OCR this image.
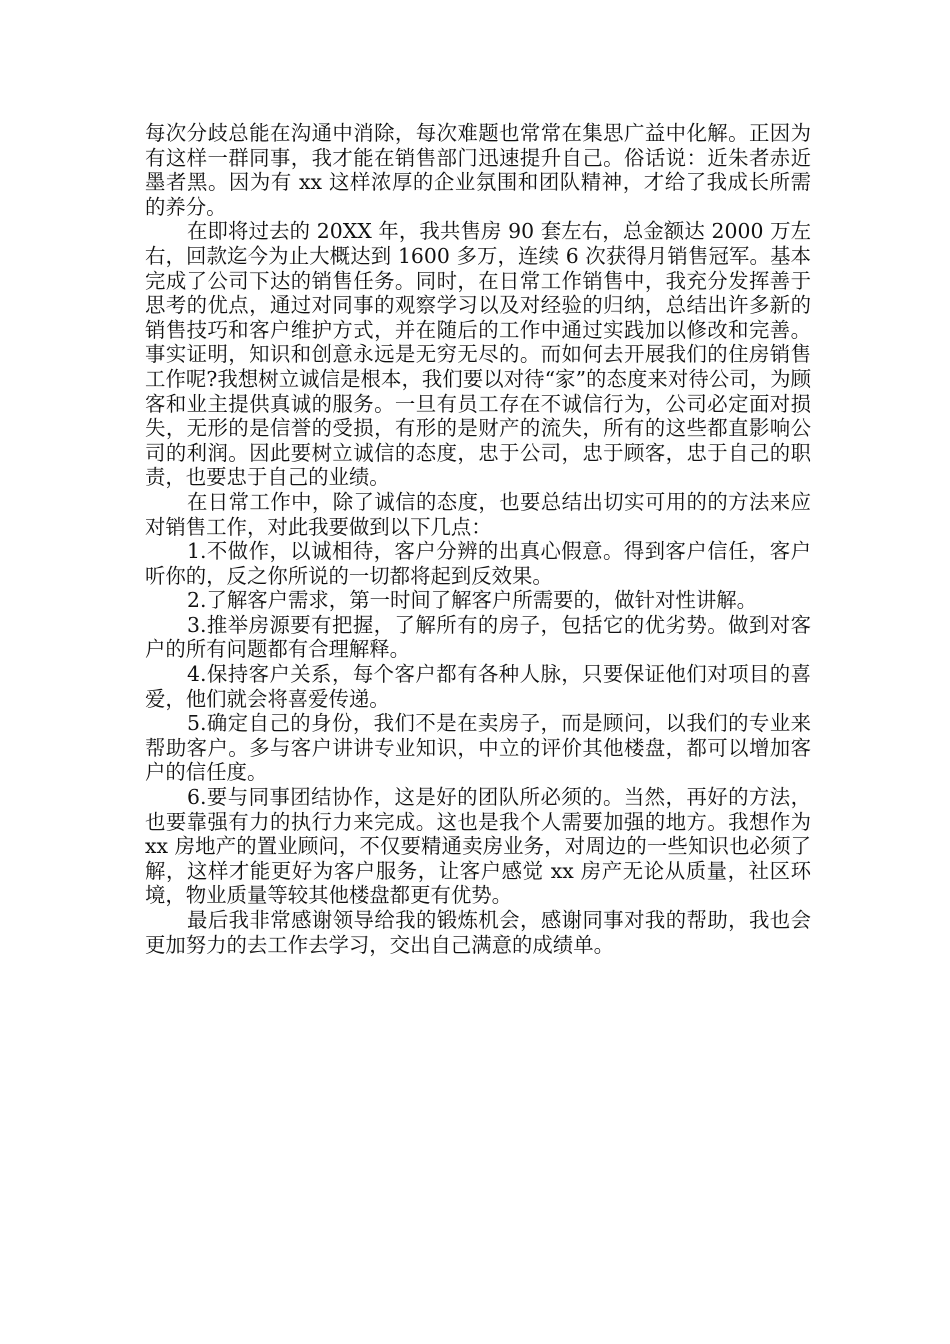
每次分歧总能在沟通中消除，每次难题也常常在集思广益中化解。正因为有这样一群同事，我才能在销售部门迅速提升自己。俗话说：近朱者赤近墨者黑。因为有 xx 这样浓厚的企业氛围和团队精神，才给了我成长所需的养分。

在即将过去的 20XX 年，我共售房 90 套左右，总金额达 2000 万左右，回款迄今为止大概达到 1600 多万，连续 6 次获得月销售冠军。基本完成了公司下达的销售任务。同时，在日常工作销售中，我充分发挥善于思考的优点，通过对同事的观察学习以及对经验的归纳，总结出许多新的销售技巧和客户维护方式，并在随后的工作中通过实践加以修改和完善。事实证明，知识和创意永远是无穷无尽的。而如何去开展我们的住房销售工作呢?我想树立诚信是根本，我们要以对待“家”的态度来对待公司，为顾客和业主提供真诚的服务。一旦有员工存在不诚信行为，公司必定面对损失，无形的是信誉的受损，有形的是财产的流失，所有的这些都直影响公司的利润。因此要树立诚信的态度，忠于公司，忠于顾客，忠于自己的职责，也要忠于自己的业绩。

在日常工作中，除了诚信的态度，也要总结出切实可用的的方法来应对销售工作，对此我要做到以下几点：

1.不做作，以诚相待，客户分辨的出真心假意。得到客户信任，客户听你的，反之你所说的一切都将起到反效果。

2.了解客户需求，第一时间了解客户所需要的，做针对性讲解。

3.推举房源要有把握，了解所有的房子，包括它的优劣势。做到对客户的所有问题都有合理解释。

4.保持客户关系，每个客户都有各种人脉，只要保证他们对项目的喜爱，他们就会将喜爱传递。

5.确定自己的身份，我们不是在卖房子，而是顾问，以我们的专业来帮助客户。多与客户讲讲专业知识，中立的评价其他楼盘，都可以增加客户的信任度。

6.要与同事团结协作，这是好的团队所必须的。当然，再好的方法，也要靠强有力的执行力来完成。这也是我个人需要加强的地方。我想作为 xx 房地产的置业顾问，不仅要精通卖房业务，对周边的一些知识也必须了解，这样才能更好为客户服务，让客户感觉 xx 房产无论从质量，社区环境，物业质量等较其他楼盘都更有优势。

最后我非常感谢领导给我的锻炼机会，感谢同事对我的帮助，我也会更加努力的去工作去学习，交出自己满意的成绩单。
